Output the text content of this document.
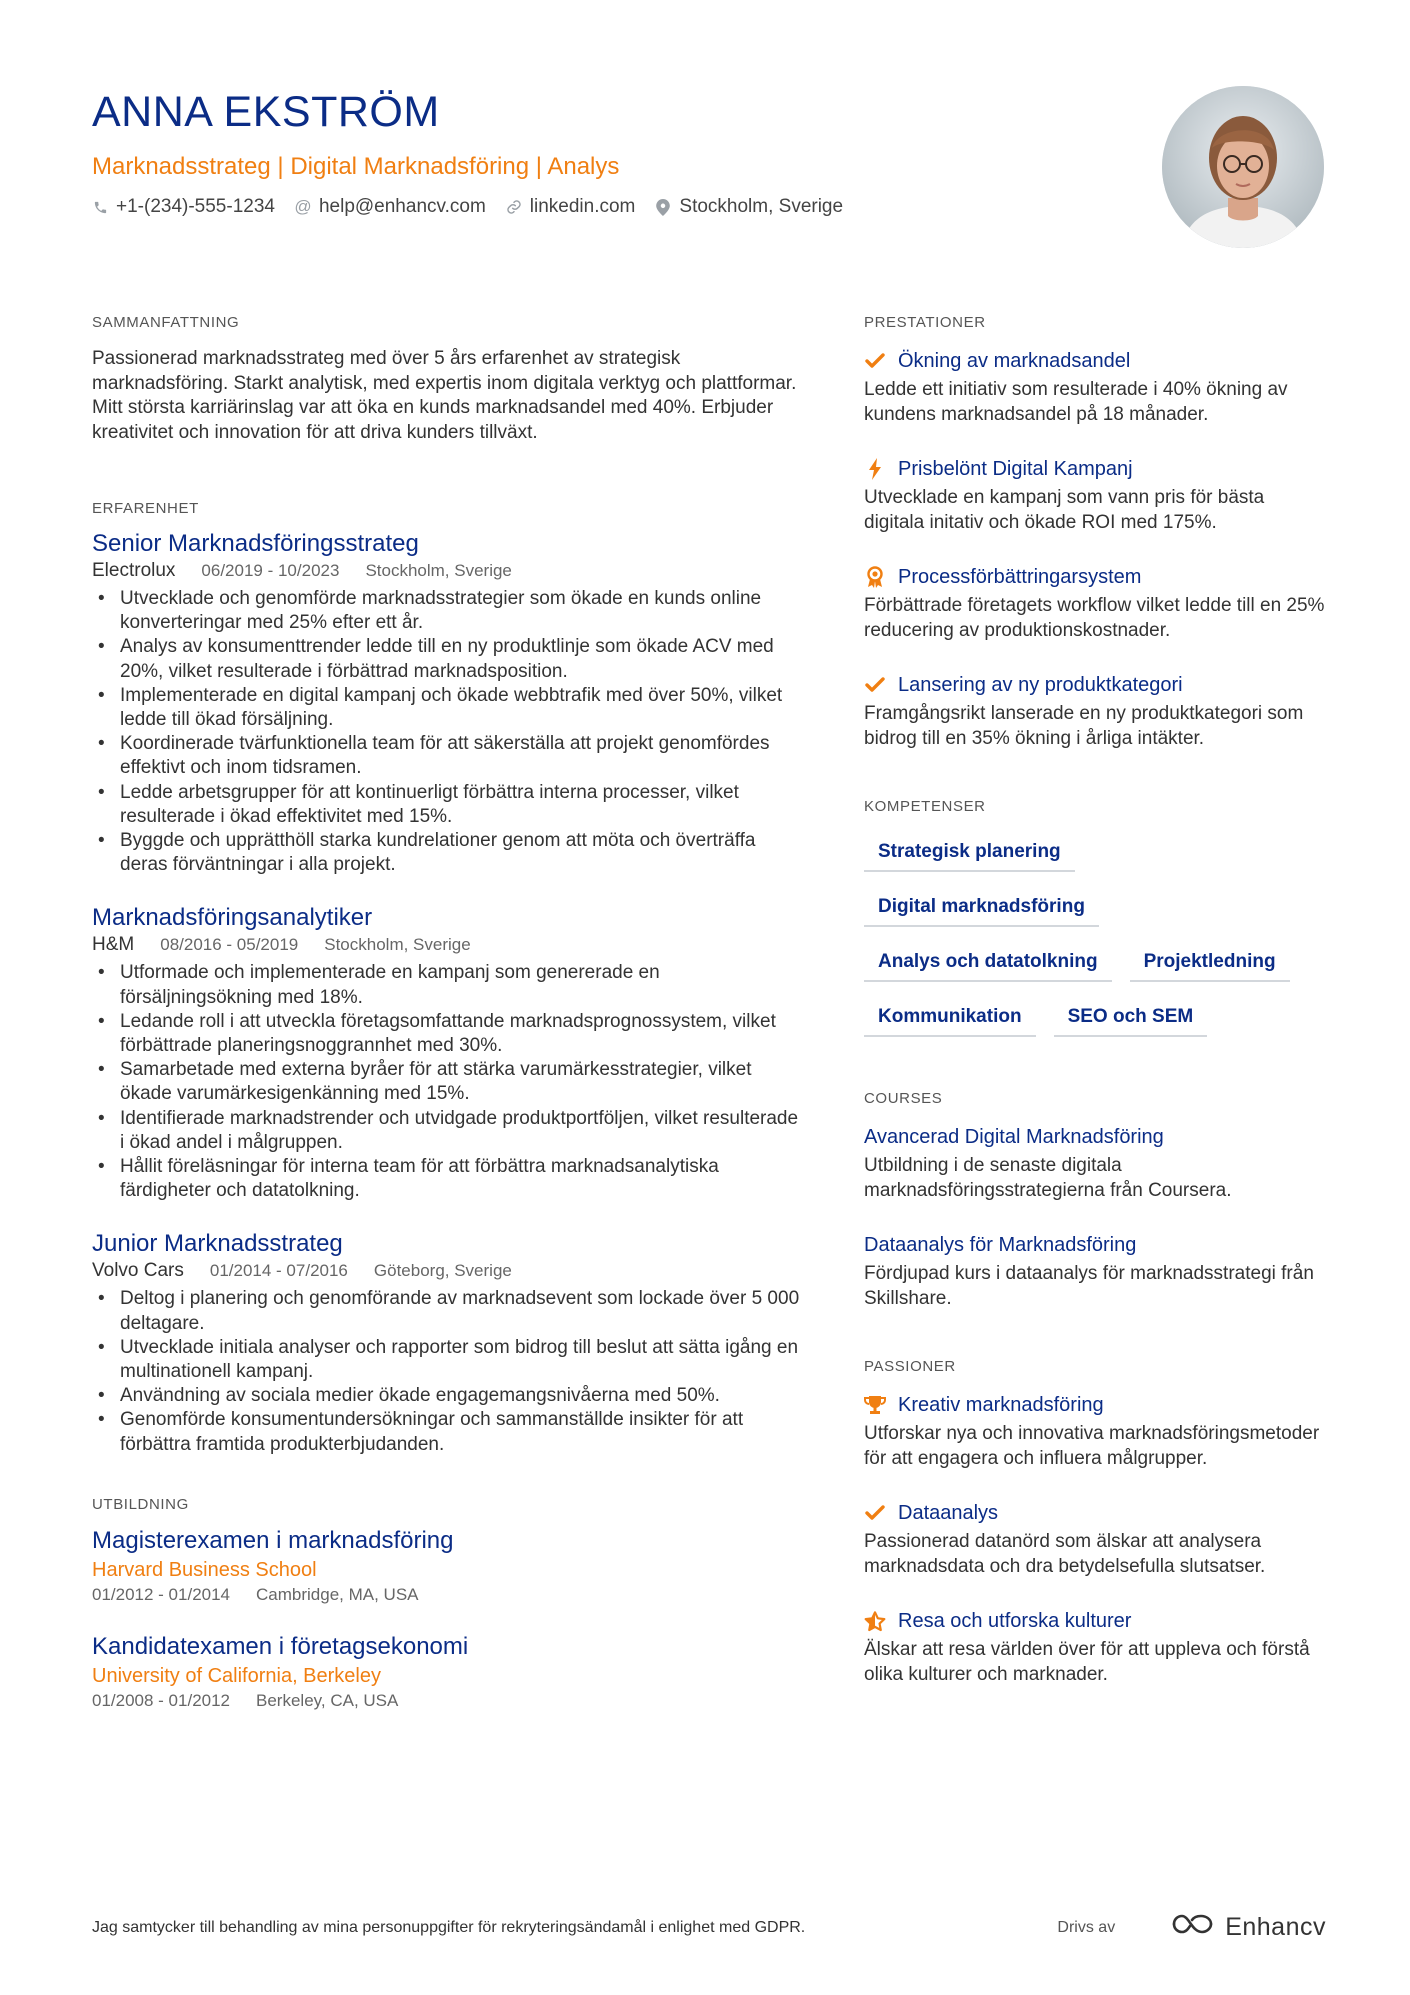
ANNA EKSTRÖM
Marknadsstrateg | Digital Marknadsföring | Analys
+1-(234)-555-1234 @ help@enhancv.com linkedin.com Stockholm, Sverige
SAMMANFATTNING

Passionerad marknadsstrateg med över 5 års erfarenhet av strategisk marknadsföring. Starkt analytisk, med expertis inom digitala verktyg och plattformar. Mitt största karriärinslag var att öka en kunds marknadsandel med 40%. Erbjuder kreativitet och innovation för att driva kunders tillväxt.

ERFARENHET
Senior Marknadsföringsstrateg
Electrolux 06/2019 - 10/2023 Stockholm, Sverige
• Utvecklade och genomförde marknadsstrategier som ökade en kunds online konverteringar med 25% efter ett år.
• Analys av konsumenttrender ledde till en ny produktlinje som ökade ACV med 20%, vilket resulterade i förbättrad marknadsposition.
• Implementerade en digital kampanj och ökade webbtrafik med över 50%, vilket ledde till ökad försäljning.
• Koordinerade tvärfunktionella team för att säkerställa att projekt genomfördes effektivt och inom tidsramen.
• Ledde arbetsgrupper för att kontinuerligt förbättra interna processer, vilket resulterade i ökad effektivitet med 15%.
• Byggde och upprätthöll starka kundrelationer genom att möta och överträffa deras förväntningar i alla projekt.
Marknadsföringsanalytiker
H&M 08/2016 - 05/2019 Stockholm, Sverige
• Utformade och implementerade en kampanj som genererade en försäljningsökning med 18%.
• Ledande roll i att utveckla företagsomfattande marknadsprognossystem, vilket förbättrade planeringsnoggrannhet med 30%.
• Samarbetade med externa byråer för att stärka varumärkesstrategier, vilket ökade varumärkesigenkänning med 15%.
• Identifierade marknadstrender och utvidgade produktportföljen, vilket resulterade i ökad andel i målgruppen.
• Hållit föreläsningar för interna team för att förbättra marknadsanalytiska färdigheter och datatolkning.
Junior Marknadsstrateg
Volvo Cars 01/2014 - 07/2016 Göteborg, Sverige
• Deltog i planering och genomförande av marknadsevent som lockade över 5 000 deltagare.
• Utvecklade initiala analyser och rapporter som bidrog till beslut att sätta igång en multinationell kampanj.
• Användning av sociala medier ökade engagemangsnivåerna med 50%.
• Genomförde konsumentundersökningar och sammanställde insikter för att förbättra framtida produkterbjudanden.
UTBILDNING
Magisterexamen i marknadsföring
Harvard Business School
01/2012 - 01/2014 Cambridge, MA, USA
Kandidatexamen i företagsekonomi
University of California, Berkeley
01/2008 - 01/2012 Berkeley, CA, USA
PRESTATIONER
Ökning av marknadsandel
Ledde ett initiativ som resulterade i 40% ökning av kundens marknadsandel på 18 månader.
Prisbelönt Digital Kampanj
Utvecklade en kampanj som vann pris för bästa digitala initativ och ökade ROI med 175%.
Processförbättringarsystem
Förbättrade företagets workflow vilket ledde till en 25% reducering av produktionskostnader.
Lansering av ny produktkategori
Framgångsrikt lanserade en ny produktkategori som bidrog till en 35% ökning i årliga intäkter.
KOMPETENSER
Strategisk planering
Digital marknadsföring
Analys och datatolkning	Projektledning
Kommunikation	SEO och SEM
COURSES
Avancerad Digital Marknadsföring
Utbildning i de senaste digitala marknadsföringsstrategierna från Coursera.
Dataanalys för Marknadsföring
Fördjupad kurs i dataanalys för marknadsstrategi från Skillshare.
PASSIONER
Kreativ marknadsföring
Utforskar nya och innovativa marknadsföringsmetoder för att engagera och influera målgrupper.
Dataanalys
Passionerad datanörd som älskar att analysera marknadsdata och dra betydelsefulla slutsatser.
Resa och utforska kulturer
Älskar att resa världen över för att uppleva och förstå olika kulturer och marknader.
Jag samtycker till behandling av mina personuppgifter för rekryteringsändamål i enlighet med GDPR.	Drivs av	Enhancv
